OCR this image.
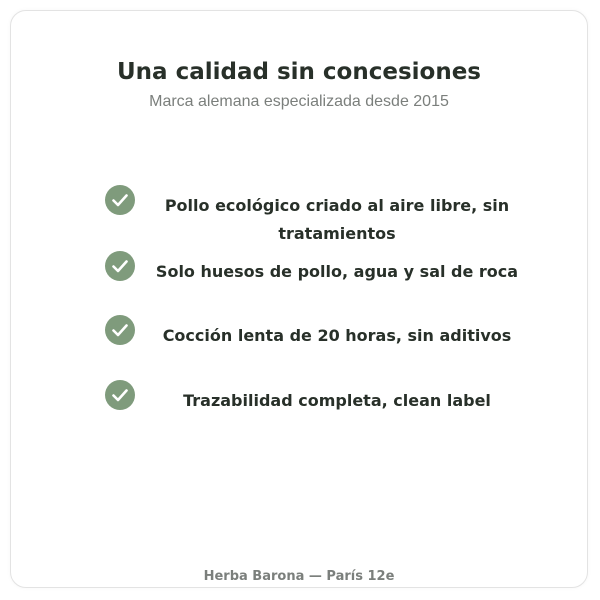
Una calidad sin concesiones

Marca alemana especializada desde 2015

Pollo ecológico criado al aire libre, sin tratamientos
Solo huesos de pollo, agua y sal de roca
Cocción lenta de 20 horas, sin aditivos
Trazabilidad completa, clean label
Herba Barona — París 12e
